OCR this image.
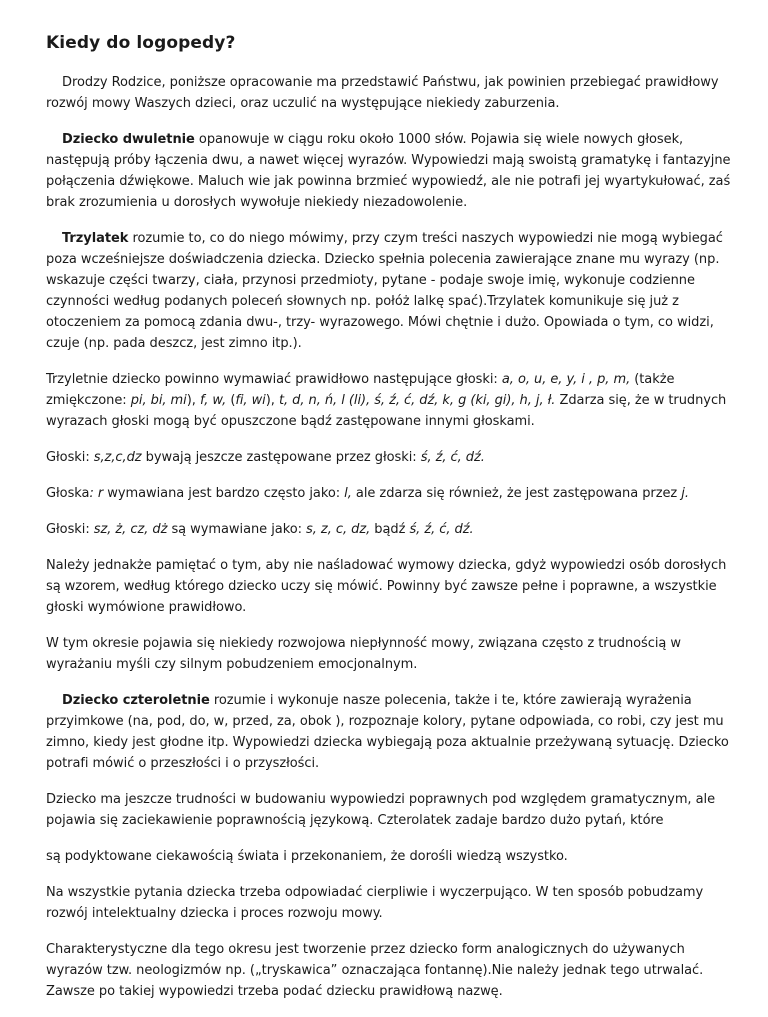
Kiedy do logopedy?

Drodzy Rodzice, poniższe opracowanie ma przedstawić Państwu, jak powinien przebiegać prawidłowy rozwój mowy Waszych dzieci, oraz uczulić na występujące niekiedy zaburzenia.

Dziecko dwuletnie opanowuje w ciągu roku około 1000 słów. Pojawia się wiele nowych głosek, następują próby łączenia dwu, a nawet więcej wyrazów. Wypowiedzi mają swoistą gramatykę i fantazyjne połączenia dźwiękowe. Maluch wie jak powinna brzmieć wypowiedź, ale nie potrafi jej wyartykułować, zaś brak zrozumienia u dorosłych wywołuje niekiedy niezadowolenie.

Trzylatek rozumie to, co do niego mówimy, przy czym treści naszych wypowiedzi nie mogą wybiegać poza wcześniejsze doświadczenia dziecka. Dziecko spełnia polecenia zawierające znane mu wyrazy (np. wskazuje części twarzy, ciała, przynosi przedmioty, pytane - podaje swoje imię, wykonuje codzienne czynności według podanych poleceń słownych np. połóż lalkę spać).Trzylatek komunikuje się już z otoczeniem za pomocą zdania dwu-, trzy- wyrazowego. Mówi chętnie i dużo. Opowiada o tym, co widzi, czuje (np. pada deszcz, jest zimno itp.).

Trzyletnie dziecko powinno wymawiać prawidłowo następujące głoski: a, o, u, e, y, i , p, m, (także zmiękczone: pi, bi, mi), f, w, (fi, wi), t, d, n, ń, l (li), ś, ź, ć, dź, k, g (ki, gi), h, j, ł. Zdarza się, że w trudnych wyrazach głoski mogą być opuszczone bądź zastępowane innymi głoskami.

Głoski: s,z,c,dz bywają jeszcze zastępowane przez głoski: ś, ź, ć, dź.

Głoska: r wymawiana jest bardzo często jako: l, ale zdarza się również, że jest zastępowana przez j.

Głoski: sz, ż, cz, dż są wymawiane jako: s, z, c, dz, bądź ś, ź, ć, dź.

Należy jednakże pamiętać o tym, aby nie naśladować wymowy dziecka, gdyż wypowiedzi osób dorosłych są wzorem, według którego dziecko uczy się mówić. Powinny być zawsze pełne i poprawne, a wszystkie głoski wymówione prawidłowo.

W tym okresie pojawia się niekiedy rozwojowa niepłynność mowy, związana często z trudnością w wyrażaniu myśli czy silnym pobudzeniem emocjonalnym.

Dziecko czteroletnie rozumie i wykonuje nasze polecenia, także i te, które zawierają wyrażenia przyimkowe (na, pod, do, w, przed, za, obok ), rozpoznaje kolory, pytane odpowiada, co robi, czy jest mu zimno, kiedy jest głodne itp. Wypowiedzi dziecka wybiegają poza aktualnie przeżywaną sytuację. Dziecko potrafi mówić o przeszłości i o przyszłości.

Dziecko ma jeszcze trudności w budowaniu wypowiedzi poprawnych pod względem gramatycznym, ale pojawia się zaciekawienie poprawnością językową. Czterolatek zadaje bardzo dużo pytań, które

są podyktowane ciekawością świata i przekonaniem, że dorośli wiedzą wszystko.

Na wszystkie pytania dziecka trzeba odpowiadać cierpliwie i wyczerpująco. W ten sposób pobudzamy rozwój intelektualny dziecka i proces rozwoju mowy.

Charakterystyczne dla tego okresu jest tworzenie przez dziecko form analogicznych do używanych wyrazów tzw. neologizmów np. („tryskawica” oznaczająca fontannę).Nie należy jednak tego utrwalać. Zawsze po takiej wypowiedzi trzeba podać dziecku prawidłową nazwę.
